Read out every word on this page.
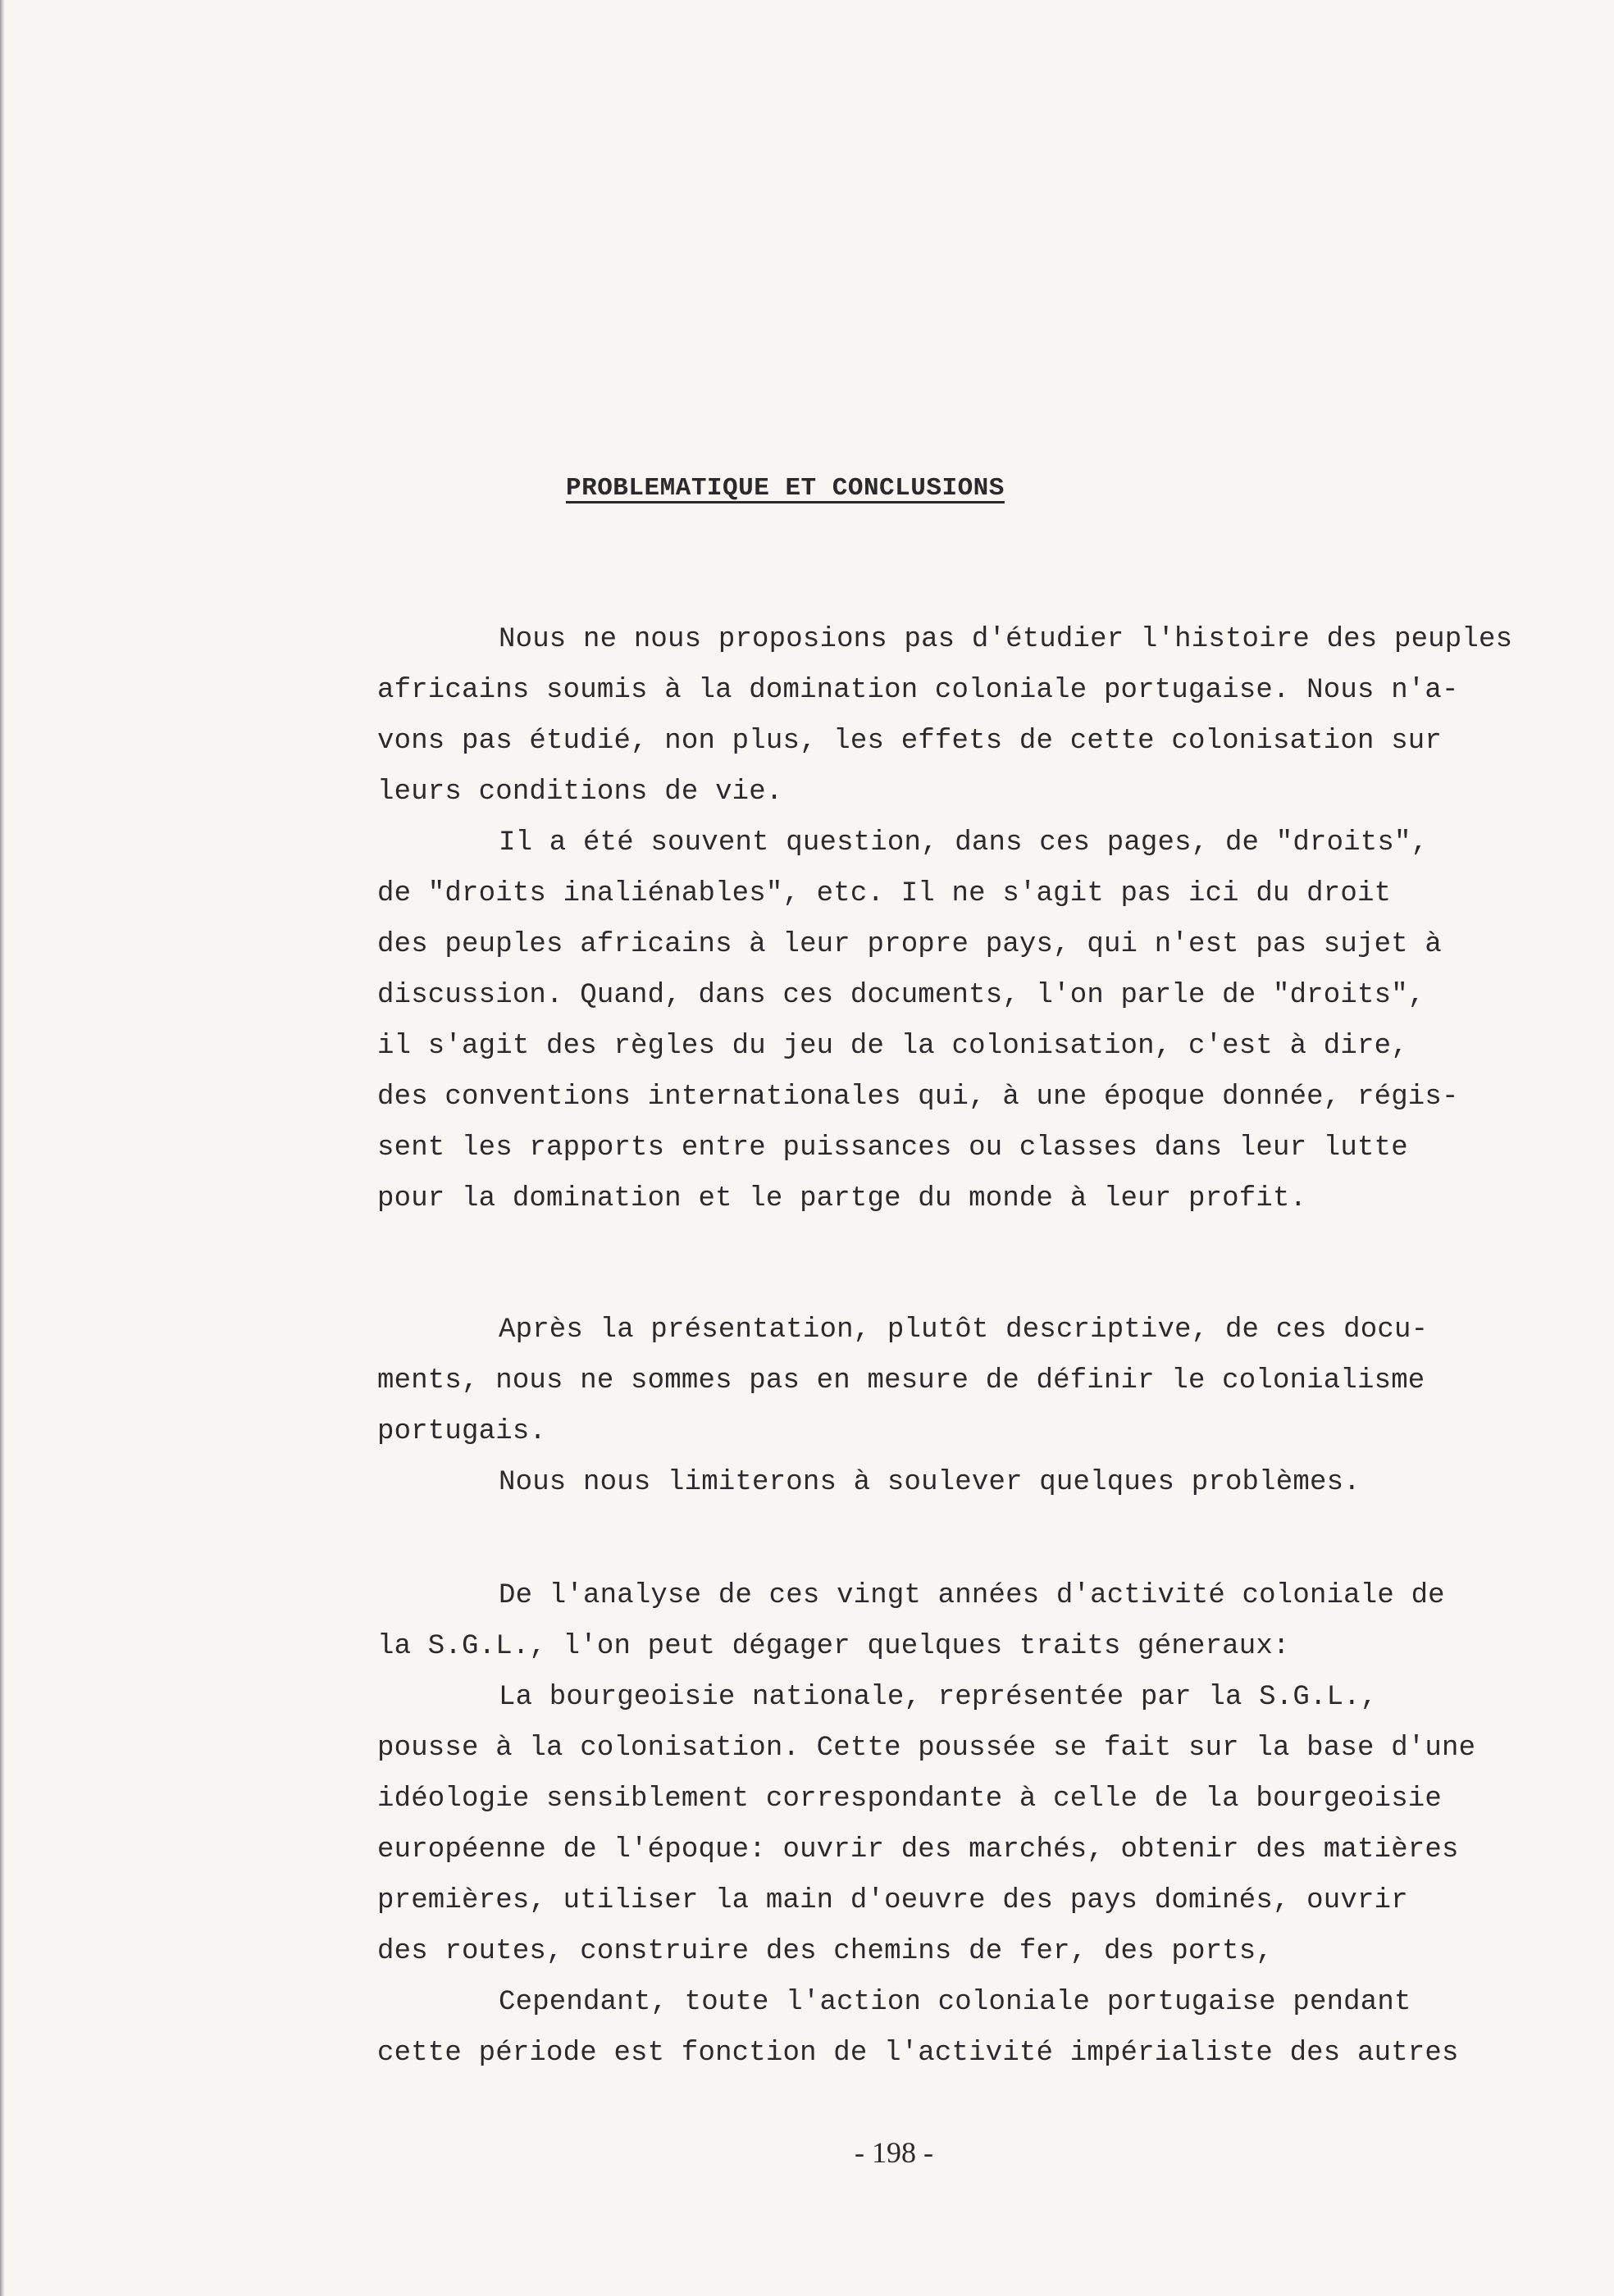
PROBLEMATIQUE ET CONCLUSIONS
Nous ne nous proposions pas d'étudier l'histoire des peuples
africains soumis à la domination coloniale portugaise. Nous n'a-
vons pas étudié, non plus, les effets de cette colonisation sur
leurs conditions de vie.
Il a été souvent question, dans ces pages, de "droits",
de "droits inaliénables", etc. Il ne s'agit pas ici du droit
des peuples africains à leur propre pays, qui n'est pas sujet à
discussion. Quand, dans ces documents, l'on parle de "droits",
il s'agit des règles du jeu de la colonisation, c'est à dire,
des conventions internationales qui, à une époque donnée, régis-
sent les rapports entre puissances ou classes dans leur lutte
pour la domination et le partge du monde à leur profit.
Après la présentation, plutôt descriptive, de ces docu-
ments, nous ne sommes pas en mesure de définir le colonialisme
portugais.
Nous nous limiterons à soulever quelques problèmes.
De l'analyse de ces vingt années d'activité coloniale de
la S.G.L., l'on peut dégager quelques traits géneraux:
La bourgeoisie nationale, représentée par la S.G.L.,
pousse à la colonisation. Cette poussée se fait sur la base d'une
idéologie sensiblement correspondante à celle de la bourgeoisie
européenne de l'époque: ouvrir des marchés, obtenir des matières
premières, utiliser la main d'oeuvre des pays dominés, ouvrir
des routes, construire des chemins de fer, des ports,
Cependant, toute l'action coloniale portugaise pendant
cette période est fonction de l'activité impérialiste des autres
- 198 -
